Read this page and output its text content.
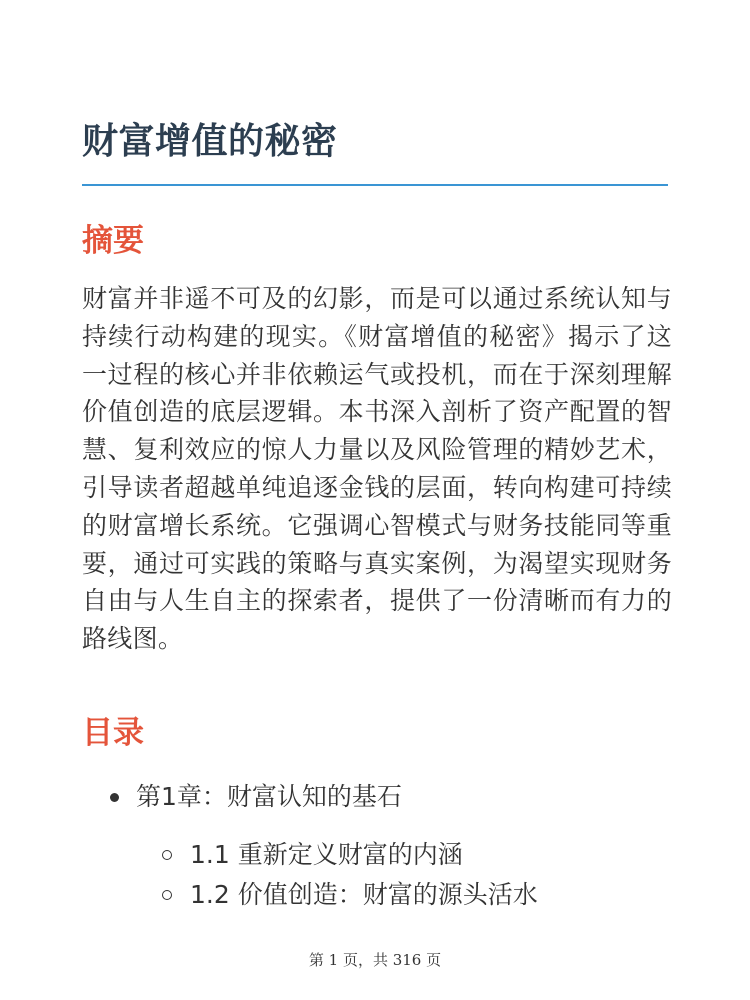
财富增值的秘密
摘要

财富并非遥不可及的幻影，而是可以通过系统认知与持续行动构建的现实。《财富增值的秘密》揭示了这一过程的核心并非依赖运气或投机，而在于深刻理解价值创造的底层逻辑。本书深入剖析了资产配置的智慧、复利效应的惊人力量以及风险管理的精妙艺术，引导读者超越单纯追逐金钱的层面，转向构建可持续的财富增长系统。它强调心智模式与财务技能同等重要，通过可实践的策略与真实案例，为渴望实现财务自由与人生自主的探索者，提供了一份清晰而有力的路线图。

目录
第1章：财富认知的基石
1.1 重新定义财富的内涵
1.2 价值创造：财富的源头活水
第 1 页，共 316 页
